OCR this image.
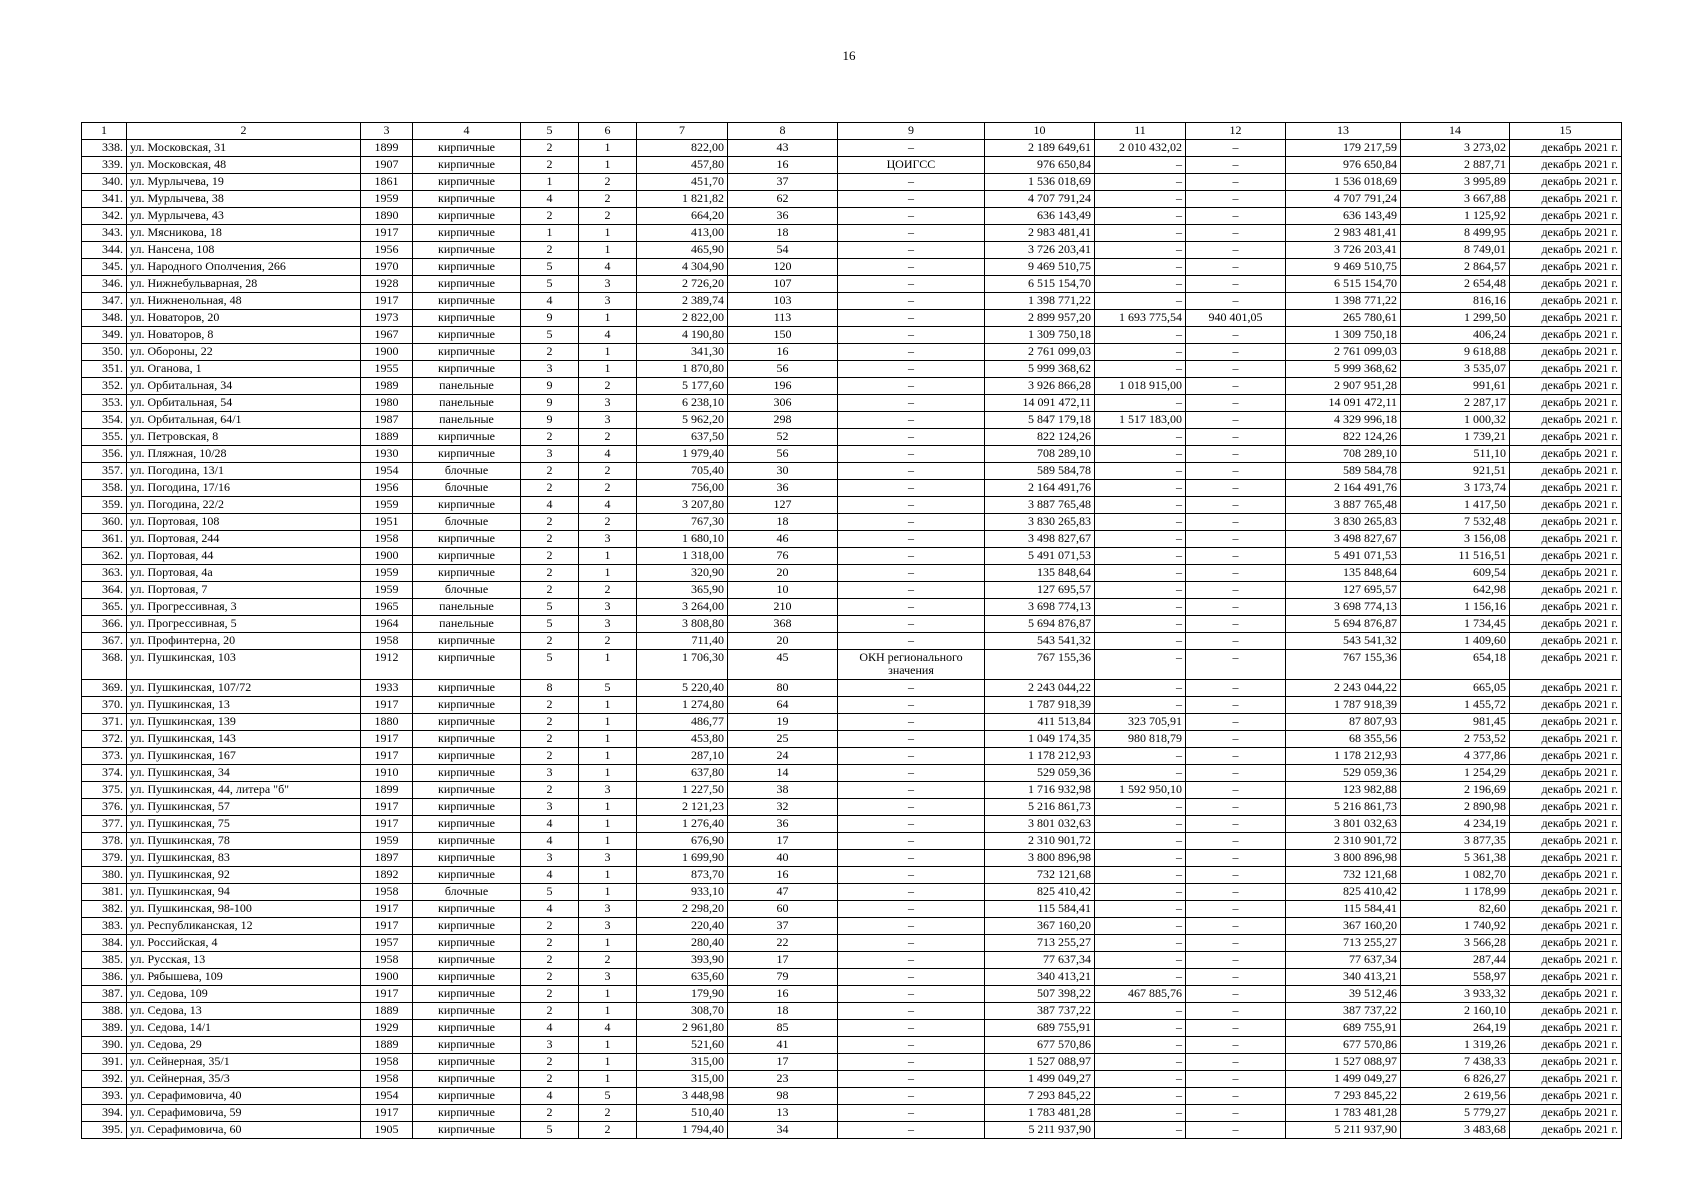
16
1	2	3	4	5	6	7	8	9	10	11	12	13	14	15
338.	ул. Московская, 31	1899	кирпичные	2	1	822,00	43	–	2 189 649,61	2 010 432,02	–	179 217,59	3 273,02	декабрь 2021 г.
339.	ул. Московская, 48	1907	кирпичные	2	1	457,80	16	ЦОИГСС	976 650,84	–	–	976 650,84	2 887,71	декабрь 2021 г.
340.	ул. Мурлычева, 19	1861	кирпичные	1	2	451,70	37	–	1 536 018,69	–	–	1 536 018,69	3 995,89	декабрь 2021 г.
341.	ул. Мурлычева, 38	1959	кирпичные	4	2	1 821,82	62	–	4 707 791,24	–	–	4 707 791,24	3 667,88	декабрь 2021 г.
342.	ул. Мурлычева, 43	1890	кирпичные	2	2	664,20	36	–	636 143,49	–	–	636 143,49	1 125,92	декабрь 2021 г.
343.	ул. Мясникова, 18	1917	кирпичные	1	1	413,00	18	–	2 983 481,41	–	–	2 983 481,41	8 499,95	декабрь 2021 г.
344.	ул. Нансена, 108	1956	кирпичные	2	1	465,90	54	–	3 726 203,41	–	–	3 726 203,41	8 749,01	декабрь 2021 г.
345.	ул. Народного Ополчения, 266	1970	кирпичные	5	4	4 304,90	120	–	9 469 510,75	–	–	9 469 510,75	2 864,57	декабрь 2021 г.
346.	ул. Нижнебульварная, 28	1928	кирпичные	5	3	2 726,20	107	–	6 515 154,70	–	–	6 515 154,70	2 654,48	декабрь 2021 г.
347.	ул. Нижненольная, 48	1917	кирпичные	4	3	2 389,74	103	–	1 398 771,22	–	–	1 398 771,22	816,16	декабрь 2021 г.
348.	ул. Новаторов, 20	1973	кирпичные	9	1	2 822,00	113	–	2 899 957,20	1 693 775,54	940 401,05	265 780,61	1 299,50	декабрь 2021 г.
349.	ул. Новаторов, 8	1967	кирпичные	5	4	4 190,80	150	–	1 309 750,18	–	–	1 309 750,18	406,24	декабрь 2021 г.
350.	ул. Обороны, 22	1900	кирпичные	2	1	341,30	16	–	2 761 099,03	–	–	2 761 099,03	9 618,88	декабрь 2021 г.
351.	ул. Оганова, 1	1955	кирпичные	3	1	1 870,80	56	–	5 999 368,62	–	–	5 999 368,62	3 535,07	декабрь 2021 г.
352.	ул. Орбитальная, 34	1989	панельные	9	2	5 177,60	196	–	3 926 866,28	1 018 915,00	–	2 907 951,28	991,61	декабрь 2021 г.
353.	ул. Орбитальная, 54	1980	панельные	9	3	6 238,10	306	–	14 091 472,11	–	–	14 091 472,11	2 287,17	декабрь 2021 г.
354.	ул. Орбитальная, 64/1	1987	панельные	9	3	5 962,20	298	–	5 847 179,18	1 517 183,00	–	4 329 996,18	1 000,32	декабрь 2021 г.
355.	ул. Петровская, 8	1889	кирпичные	2	2	637,50	52	–	822 124,26	–	–	822 124,26	1 739,21	декабрь 2021 г.
356.	ул. Пляжная, 10/28	1930	кирпичные	3	4	1 979,40	56	–	708 289,10	–	–	708 289,10	511,10	декабрь 2021 г.
357.	ул. Погодина, 13/1	1954	блочные	2	2	705,40	30	–	589 584,78	–	–	589 584,78	921,51	декабрь 2021 г.
358.	ул. Погодина, 17/16	1956	блочные	2	2	756,00	36	–	2 164 491,76	–	–	2 164 491,76	3 173,74	декабрь 2021 г.
359.	ул. Погодина, 22/2	1959	кирпичные	4	4	3 207,80	127	–	3 887 765,48	–	–	3 887 765,48	1 417,50	декабрь 2021 г.
360.	ул. Портовая, 108	1951	блочные	2	2	767,30	18	–	3 830 265,83	–	–	3 830 265,83	7 532,48	декабрь 2021 г.
361.	ул. Портовая, 244	1958	кирпичные	2	3	1 680,10	46	–	3 498 827,67	–	–	3 498 827,67	3 156,08	декабрь 2021 г.
362.	ул. Портовая, 44	1900	кирпичные	2	1	1 318,00	76	–	5 491 071,53	–	–	5 491 071,53	11 516,51	декабрь 2021 г.
363.	ул. Портовая, 4а	1959	кирпичные	2	1	320,90	20	–	135 848,64	–	–	135 848,64	609,54	декабрь 2021 г.
364.	ул. Портовая, 7	1959	блочные	2	2	365,90	10	–	127 695,57	–	–	127 695,57	642,98	декабрь 2021 г.
365.	ул. Прогрессивная, 3	1965	панельные	5	3	3 264,00	210	–	3 698 774,13	–	–	3 698 774,13	1 156,16	декабрь 2021 г.
366.	ул. Прогрессивная, 5	1964	панельные	5	3	3 808,80	368	–	5 694 876,87	–	–	5 694 876,87	1 734,45	декабрь 2021 г.
367.	ул. Профинтерна, 20	1958	кирпичные	2	2	711,40	20	–	543 541,32	–	–	543 541,32	1 409,60	декабрь 2021 г.
368.	ул. Пушкинская, 103	1912	кирпичные	5	1	1 706,30	45	ОКН регионального значения	767 155,36	–	–	767 155,36	654,18	декабрь 2021 г.
369.	ул. Пушкинская, 107/72	1933	кирпичные	8	5	5 220,40	80	–	2 243 044,22	–	–	2 243 044,22	665,05	декабрь 2021 г.
370.	ул. Пушкинская, 13	1917	кирпичные	2	1	1 274,80	64	–	1 787 918,39	–	–	1 787 918,39	1 455,72	декабрь 2021 г.
371.	ул. Пушкинская, 139	1880	кирпичные	2	1	486,77	19	–	411 513,84	323 705,91	–	87 807,93	981,45	декабрь 2021 г.
372.	ул. Пушкинская, 143	1917	кирпичные	2	1	453,80	25	–	1 049 174,35	980 818,79	–	68 355,56	2 753,52	декабрь 2021 г.
373.	ул. Пушкинская, 167	1917	кирпичные	2	1	287,10	24	–	1 178 212,93	–	–	1 178 212,93	4 377,86	декабрь 2021 г.
374.	ул. Пушкинская, 34	1910	кирпичные	3	1	637,80	14	–	529 059,36	–	–	529 059,36	1 254,29	декабрь 2021 г.
375.	ул. Пушкинская, 44, литера "б"	1899	кирпичные	2	3	1 227,50	38	–	1 716 932,98	1 592 950,10	–	123 982,88	2 196,69	декабрь 2021 г.
376.	ул. Пушкинская, 57	1917	кирпичные	3	1	2 121,23	32	–	5 216 861,73	–	–	5 216 861,73	2 890,98	декабрь 2021 г.
377.	ул. Пушкинская, 75	1917	кирпичные	4	1	1 276,40	36	–	3 801 032,63	–	–	3 801 032,63	4 234,19	декабрь 2021 г.
378.	ул. Пушкинская, 78	1959	кирпичные	4	1	676,90	17	–	2 310 901,72	–	–	2 310 901,72	3 877,35	декабрь 2021 г.
379.	ул. Пушкинская, 83	1897	кирпичные	3	3	1 699,90	40	–	3 800 896,98	–	–	3 800 896,98	5 361,38	декабрь 2021 г.
380.	ул. Пушкинская, 92	1892	кирпичные	4	1	873,70	16	–	732 121,68	–	–	732 121,68	1 082,70	декабрь 2021 г.
381.	ул. Пушкинская, 94	1958	блочные	5	1	933,10	47	–	825 410,42	–	–	825 410,42	1 178,99	декабрь 2021 г.
382.	ул. Пушкинская, 98-100	1917	кирпичные	4	3	2 298,20	60	–	115 584,41	–	–	115 584,41	82,60	декабрь 2021 г.
383.	ул. Республиканская, 12	1917	кирпичные	2	3	220,40	37	–	367 160,20	–	–	367 160,20	1 740,92	декабрь 2021 г.
384.	ул. Российская, 4	1957	кирпичные	2	1	280,40	22	–	713 255,27	–	–	713 255,27	3 566,28	декабрь 2021 г.
385.	ул. Русская, 13	1958	кирпичные	2	2	393,90	17	–	77 637,34	–	–	77 637,34	287,44	декабрь 2021 г.
386.	ул. Рябышева, 109	1900	кирпичные	2	3	635,60	79	–	340 413,21	–	–	340 413,21	558,97	декабрь 2021 г.
387.	ул. Седова, 109	1917	кирпичные	2	1	179,90	16	–	507 398,22	467 885,76	–	39 512,46	3 933,32	декабрь 2021 г.
388.	ул. Седова, 13	1889	кирпичные	2	1	308,70	18	–	387 737,22	–	–	387 737,22	2 160,10	декабрь 2021 г.
389.	ул. Седова, 14/1	1929	кирпичные	4	4	2 961,80	85	–	689 755,91	–	–	689 755,91	264,19	декабрь 2021 г.
390.	ул. Седова, 29	1889	кирпичные	3	1	521,60	41	–	677 570,86	–	–	677 570,86	1 319,26	декабрь 2021 г.
391.	ул. Сейнерная, 35/1	1958	кирпичные	2	1	315,00	17	–	1 527 088,97	–	–	1 527 088,97	7 438,33	декабрь 2021 г.
392.	ул. Сейнерная, 35/3	1958	кирпичные	2	1	315,00	23	–	1 499 049,27	–	–	1 499 049,27	6 826,27	декабрь 2021 г.
393.	ул. Серафимовича, 40	1954	кирпичные	4	5	3 448,98	98	–	7 293 845,22	–	–	7 293 845,22	2 619,56	декабрь 2021 г.
394.	ул. Серафимовича, 59	1917	кирпичные	2	2	510,40	13	–	1 783 481,28	–	–	1 783 481,28	5 779,27	декабрь 2021 г.
395.	ул. Серафимовича, 60	1905	кирпичные	5	2	1 794,40	34	–	5 211 937,90	–	–	5 211 937,90	3 483,68	декабрь 2021 г.
